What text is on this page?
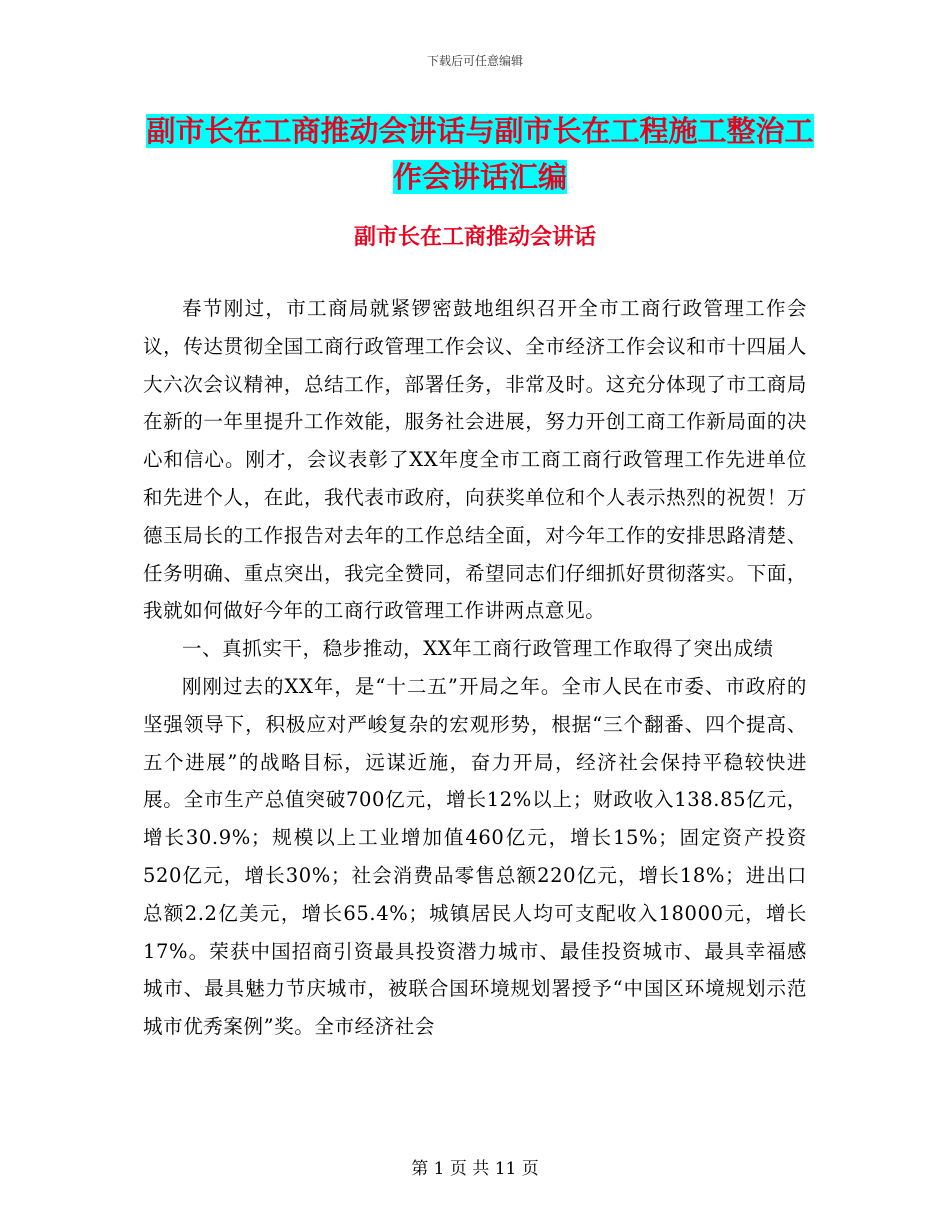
下载后可任意编辑
副市长在工商推动会讲话与副市长在工程施工整治工
作会讲话汇编
副市长在工商推动会讲话

春节刚过，市工商局就紧锣密鼓地组织召开全市工商行政管理工作会议，传达贯彻全国工商行政管理工作会议、全市经济工作会议和市十四届人大六次会议精神，总结工作，部署任务，非常及时。这充分体现了市工商局在新的一年里提升工作效能，服务社会进展，努力开创工商工作新局面的决心和信心。刚才，会议表彰了XX年度全市工商工商行政管理工作先进单位和先进个人，在此，我代表市政府，向获奖单位和个人表示热烈的祝贺！万德玉局长的工作报告对去年的工作总结全面，对今年工作的安排思路清楚、任务明确、重点突出，我完全赞同，希望同志们仔细抓好贯彻落实。下面，我就如何做好今年的工商行政管理工作讲两点意见。

一、真抓实干，稳步推动，XX年工商行政管理工作取得了突出成绩

刚刚过去的XX年，是“十二五”开局之年。全市人民在市委、市政府的坚强领导下，积极应对严峻复杂的宏观形势，根据“三个翻番、四个提高、五个进展”的战略目标，远谋近施，奋力开局，经济社会保持平稳较快进展。全市生产总值突破700亿元，增长12%以上；财政收入138.85亿元，增长30.9%；规模以上工业增加值460亿元，增长15%；固定资产投资520亿元，增长30%；社会消费品零售总额220亿元，增长18%；进出口总额2.2亿美元，增长65.4%；城镇居民人均可支配收入18000元，增长17%。荣获中国招商引资最具投资潜力城市、最佳投资城市、最具幸福感城市、最具魅力节庆城市，被联合国环境规划署授予“中国区环境规划示范城市优秀案例”奖。全市经济社会

第 1 页 共 11 页
